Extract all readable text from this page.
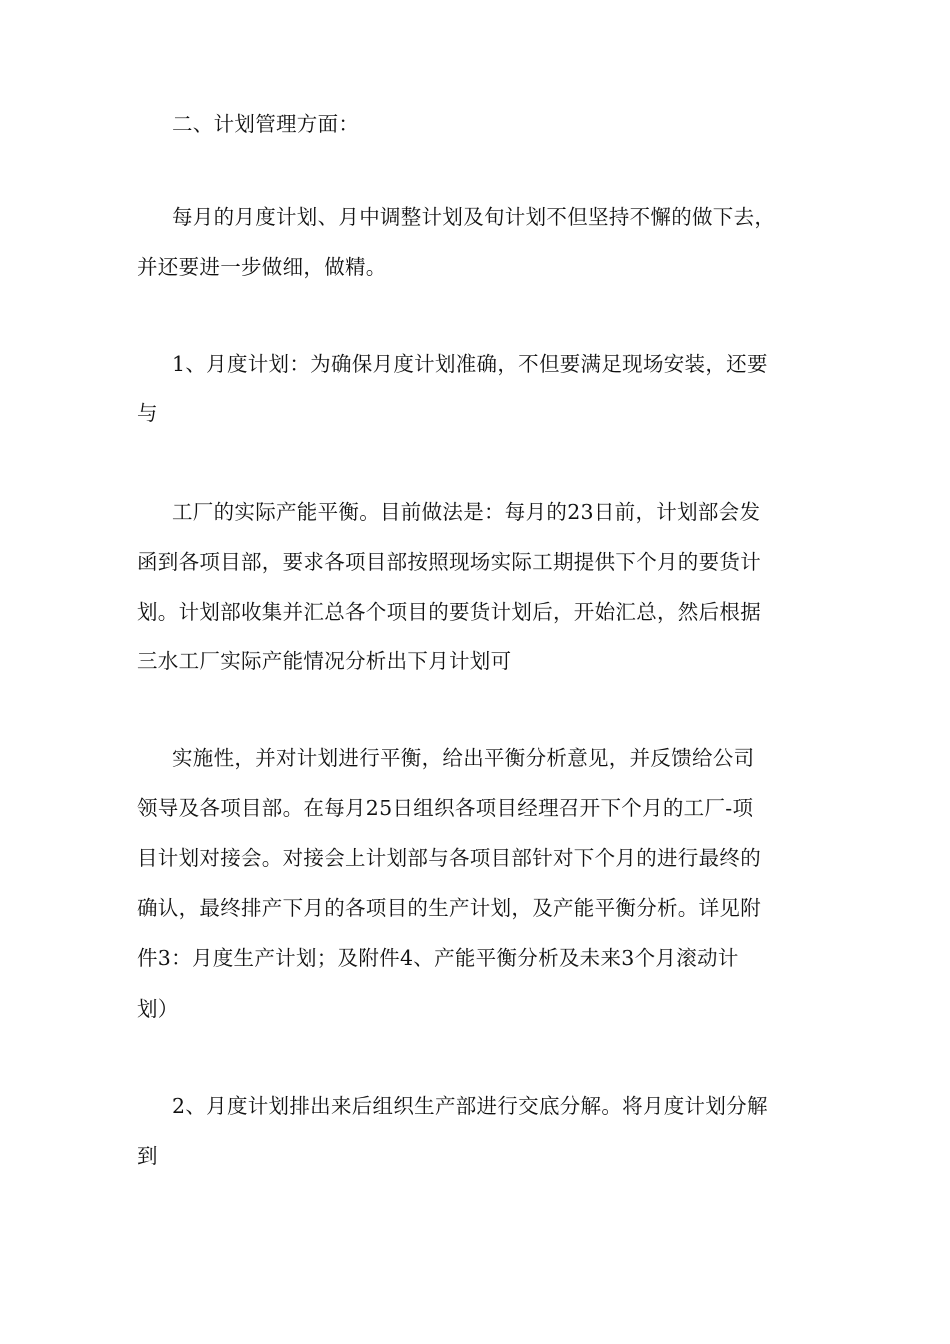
二、计划管理方面：
每月的月度计划、月中调整计划及旬计划不但坚持不懈的做下去，
并还要进一步做细，做精。
1、月度计划：为确保月度计划准确，不但要满足现场安装，还要
与
工厂的实际产能平衡。目前做法是：每月的23日前，计划部会发
函到各项目部，要求各项目部按照现场实际工期提供下个月的要货计
划。计划部收集并汇总各个项目的要货计划后，开始汇总，然后根据
三水工厂实际产能情况分析出下月计划可
实施性，并对计划进行平衡，给出平衡分析意见，并反馈给公司
领导及各项目部。在每月25日组织各项目经理召开下个月的工厂-项
目计划对接会。对接会上计划部与各项目部针对下个月的进行最终的
确认，最终排产下月的各项目的生产计划，及产能平衡分析。详见附
件3：月度生产计划；及附件4、产能平衡分析及未来3个月滚动计
划）
2、月度计划排出来后组织生产部进行交底分解。将月度计划分解
到
